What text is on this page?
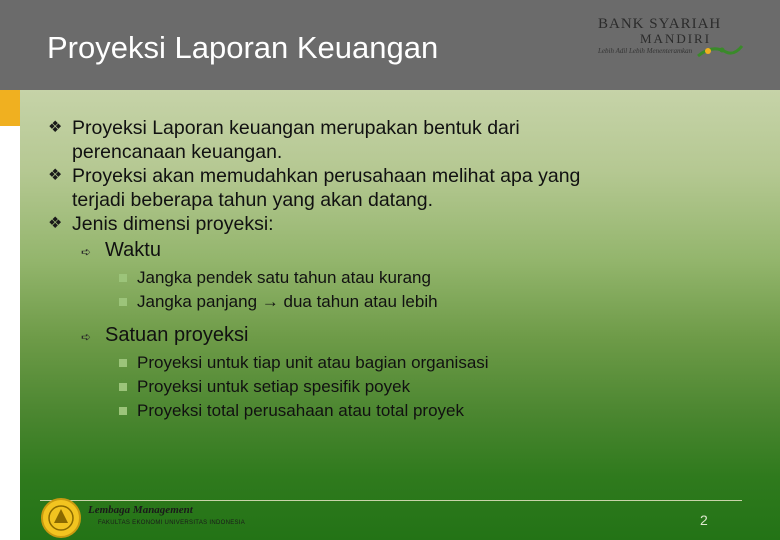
Proyeksi Laporan Keuangan
BANK SYARIAH
MANDIRI
Lebih Adil Lebih Menenteramkan
❖ Proyeksi Laporan keuangan merupakan bentuk dari
perencanaan keuangan.
❖ Proyeksi akan memudahkan perusahaan melihat apa yang
terjadi beberapa tahun yang akan datang.
❖ Jenis dimensi proyeksi:
➪ Waktu
Jangka pendek satu tahun atau kurang
Jangka panjang → dua tahun atau lebih
➪ Satuan proyeksi
Proyeksi untuk tiap unit atau bagian organisasi
Proyeksi untuk setiap spesifik poyek
Proyeksi total perusahaan atau total proyek
Lembaga Management
FAKULTAS EKONOMI UNIVERSITAS INDONESIA	2
